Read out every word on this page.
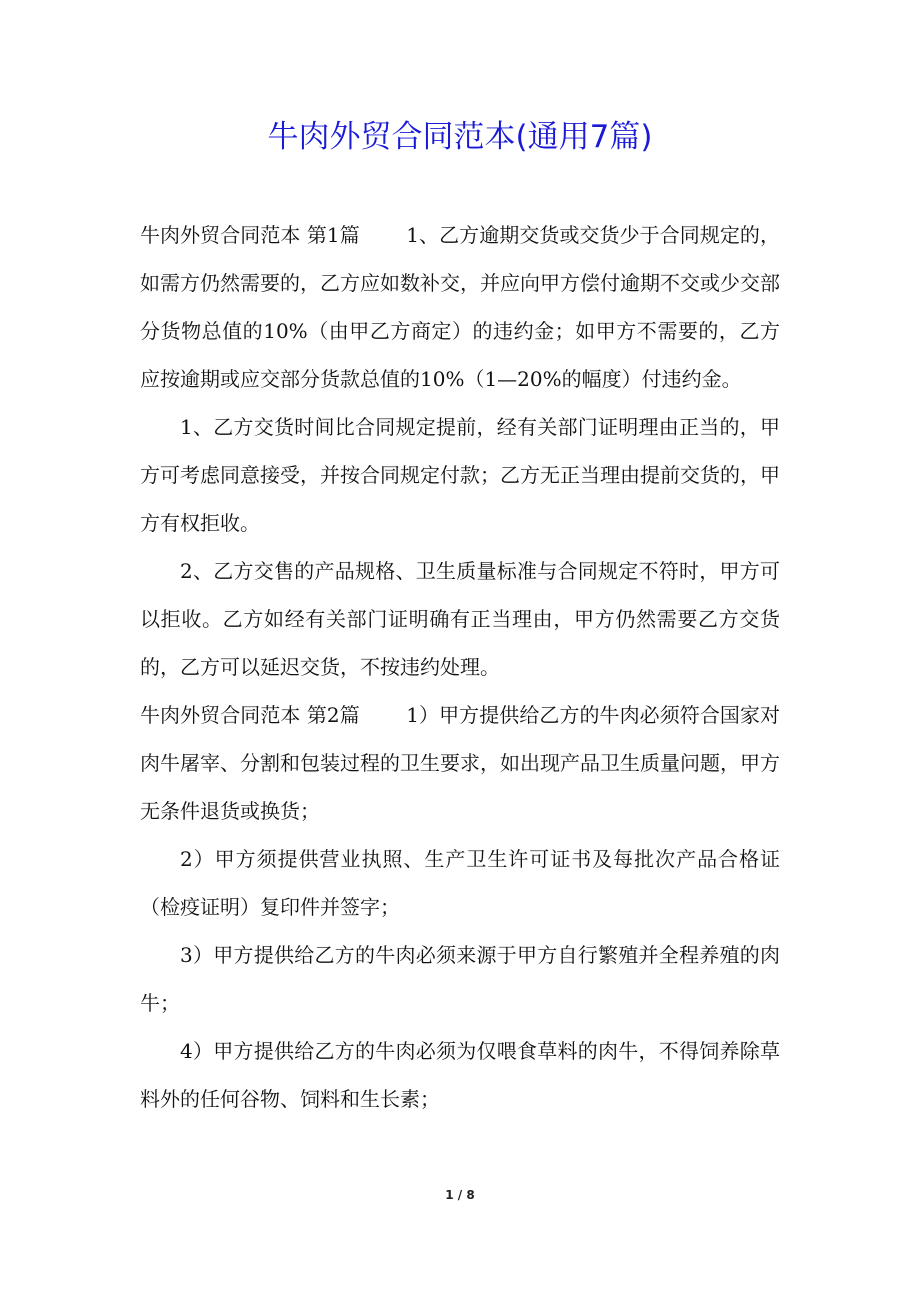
牛肉外贸合同范本(通用7篇)

牛肉外贸合同范本 第1篇 　　1、乙方逾期交货或交货少于合同规定的，如需方仍然需要的，乙方应如数补交，并应向甲方偿付逾期不交或少交部分货物总值的10%（由甲乙方商定）的违约金；如甲方不需要的，乙方应按逾期或应交部分货款总值的10%（1—20%的幅度）付违约金。

1、乙方交货时间比合同规定提前，经有关部门证明理由正当的，甲方可考虑同意接受，并按合同规定付款；乙方无正当理由提前交货的，甲方有权拒收。

2、乙方交售的产品规格、卫生质量标准与合同规定不符时，甲方可以拒收。乙方如经有关部门证明确有正当理由，甲方仍然需要乙方交货的，乙方可以延迟交货，不按违约处理。

牛肉外贸合同范本 第2篇 　　1）甲方提供给乙方的牛肉必须符合国家对肉牛屠宰、分割和包装过程的卫生要求，如出现产品卫生质量问题，甲方无条件退货或换货；

2）甲方须提供营业执照、生产卫生许可证书及每批次产品合格证（检疫证明）复印件并签字；

3）甲方提供给乙方的牛肉必须来源于甲方自行繁殖并全程养殖的肉牛；

4）甲方提供给乙方的牛肉必须为仅喂食草料的肉牛，不得饲养除草料外的任何谷物、饲料和生长素；

1 / 8
